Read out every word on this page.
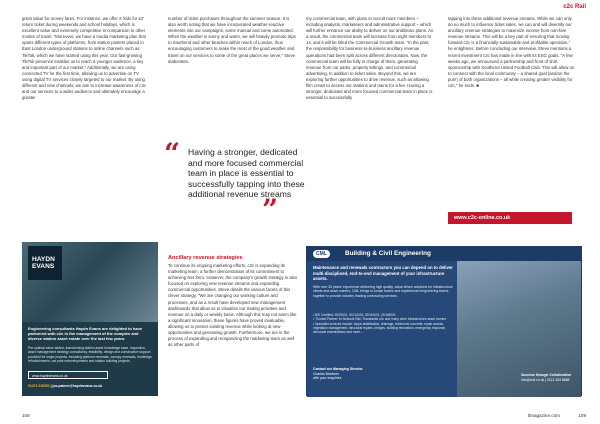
c2c Rail
great value for money fares. For instance, we offer a 'kids for £2' return ticket during weekends and school holidays, which is excellent value and extremely competitive in comparison to other modes of travel. "Moreover, we have a media marketing plan that spans different types of platforms, from station posters placed in East London underground stations to online channels such as TikTok, which we have started using this year. Our fast-growing TikTok presence enables us to reach a younger audience, a key and important part of our market." Additionally, we are using connected TV for the first time, allowing us to advertise on TV using digital TV services closely targeted to our market. By using different and new channels, we aim to increase awareness of c2c and our services to a wider audience and ultimately encourage a greater
number of ticket purchases throughout the summer season. It is also worth noting that we have incorporated weather-reactive elements into our campaigns, some manual and some automated. When the weather is sunny and warm, we will heavily promote trips to Southend and other beaches within reach of London, thus encouraging customers to make the most of the good weather and travel on our services to some of the great places we serve," Steve elaborates.
my commercial team, with plans to recruit more members – including analysts, marketeers and administrative support – which will further enhance our ability to deliver on our ambitious plans. As a result, the commercial team will increase from eight members to 14, and it will be titled the Commercial Growth team. "In the past, the responsibility for business-to-business ancillary revenue operations had been split across different directorates. Now, the commercial team will be fully in charge of them, generating revenue from car parks, property lettings, and commercial advertising, in addition to ticket sales. Beyond this, we are exploring further opportunities to drive revenue, such as allowing film crews to access our stations and trains for a fee. Having a stronger, dedicated and more focused commercial team in place is essential to successfully
tapping into these additional revenue streams. While we can only do so much to influence ticket sales, we can and will diversify our ancillary revenue strategies to maximize income from non-fare revenue streams. This will be a key part of ensuring that moving forward c2c is a financially sustainable and profitable operation," he enlightens. Before concluding our interview, Steve mentions a recent investment c2c has made in line with its ESG goals. "A few weeks ago, we announced a partnership and front of shirt sponsorship with Southend United Football Club. This will allow us to connect with the local community – a shared goal (and/on the pun!) of both organizations – all while creating greater visibility for c2c," he ends. ■
“ Having a stronger, dedicated and more focused commercial team in place is essential to successfully tapping into these additional revenue streams
”	www.c2c-online.co.uk
HAYDN EVANS
Engineering consultants Haydn Evans are delighted to have partnered with c2c in the management of the complex and diverse station asset estate over the last few years.
Pre-optimal value added, transforming station asset knowledge base. Inspection, asset management strategy consultancy, feasibility, design and construction support provided for major projects, including platform renewals, canopy renewals, footbridge refurbishments, car park redevelopments and station building projects.
www.haydnevans.co.uk
01473 236550 | jos.palmer@haydnevans.co.uk
Ancillary revenue strategies
To continue its ongoing marketing efforts, c2c is expanding its marketing team, a further demonstration of its commitment to achieving Net Zero. However, the company's growth strategy is also focused on exploring new revenue streams and expanding commercial opportunities. Steve details the various facets of this clever strategy. "We are changing our working culture and processes, and as a result have developed new management dashboards that allow us to visualize our trading activities and revenue on a daily or weekly basis. Although this may not seem like a significant innovation, these figures have proved invaluable, allowing us to protect existing revenue while looking at new opportunities and generating growth. Furthermore, we are in the process of expanding and reorganizing the marketing team as well as other parts of
Building & Civil Engineering
CML
Maintenance and renewals contractors you can depend on to deliver multi-disciplined, end-to-end management of your infrastructure assets.
With over 35 years' experience delivering high quality, value driven solutions for infrastructure clients and asset owners, CML brings in-house trades and experienced engineering teams together to provide industry leading contracting services.
• BSI Certified: ISO9001, ISO14001, ISO44001, ISO45001
• 'Trusted Partner' to Network Rail, Transfaults c2c and many other infrastructure asset owners
• Specialist services include: slope stabilisation, drainage, reinforced concrete, repair access, vegetation management, structural repairs, bridges, building renovation, emergency response, structural examinations and more...
Contact our Managing Director
Charles Mortimer
with your enquiries
Success through Collaboration
info@cml.co.uk | 0113 263 8888
108	tlmagazine.com	109
